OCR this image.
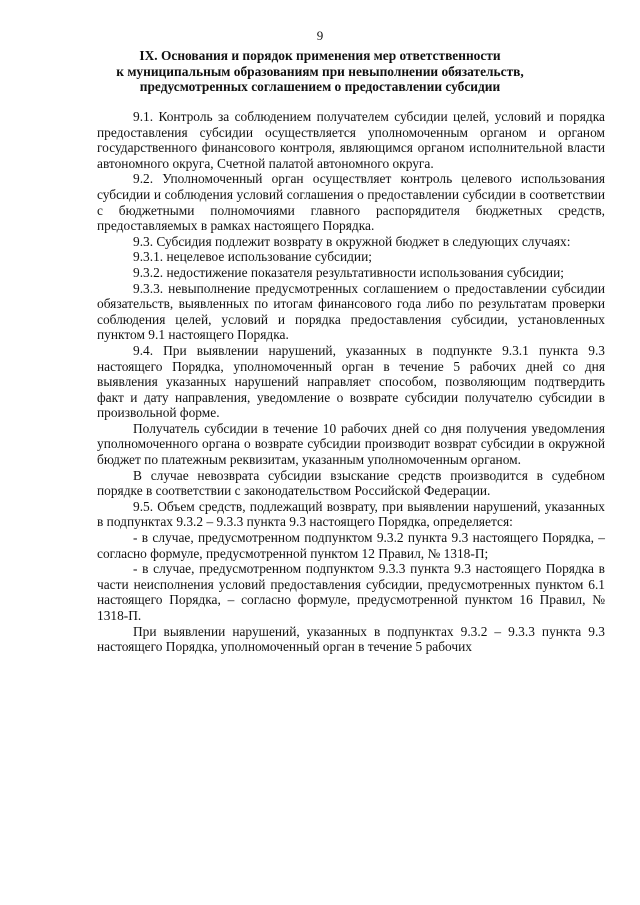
9
IX. Основания и порядок применения мер ответственности
к муниципальным образованиям при невыполнении обязательств,
предусмотренных соглашением о предоставлении субсидии

9.1. Контроль за соблюдением получателем субсидии целей, условий и порядка предоставления субсидии осуществляется уполномоченным органом и органом государственного финансового контроля, являющимся органом исполнительной власти автономного округа, Счетной палатой автономного округа.

9.2. Уполномоченный орган осуществляет контроль целевого использования субсидии и соблюдения условий соглашения о предоставлении субсидии в соответствии с бюджетными полномочиями главного распорядителя бюджетных средств, предоставляемых в рамках настоящего Порядка.

9.3. Субсидия подлежит возврату в окружной бюджет в следующих случаях:

9.3.1. нецелевое использование субсидии;

9.3.2. недостижение показателя результативности использования субсидии;

9.3.3. невыполнение предусмотренных соглашением о предоставлении субсидии обязательств, выявленных по итогам финансового года либо по результатам проверки соблюдения целей, условий и порядка предоставления субсидии, установленных пунктом 9.1 настоящего Порядка.

9.4. При выявлении нарушений, указанных в подпункте 9.3.1 пункта 9.3 настоящего Порядка, уполномоченный орган в течение 5 рабочих дней со дня выявления указанных нарушений направляет способом, позволяющим подтвердить факт и дату направления, уведомление о возврате субсидии получателю субсидии в произвольной форме.

Получатель субсидии в течение 10 рабочих дней со дня получения уведомления уполномоченного органа о возврате субсидии производит возврат субсидии в окружной бюджет по платежным реквизитам, указанным уполномоченным органом.

В случае невозврата субсидии взыскание средств производится в судебном порядке в соответствии с законодательством Российской Федерации.

9.5. Объем средств, подлежащий возврату, при выявлении нарушений, указанных в подпунктах 9.3.2 – 9.3.3 пункта 9.3 настоящего Порядка, определяется:

- в случае, предусмотренном подпунктом 9.3.2 пункта 9.3 настоящего Порядка, – согласно формуле, предусмотренной пунктом 12 Правил, № 1318-П;

- в случае, предусмотренном подпунктом 9.3.3 пункта 9.3 настоящего Порядка в части неисполнения условий предоставления субсидии, предусмотренных пунктом 6.1 настоящего Порядка, – согласно формуле, предусмотренной пунктом 16 Правил, № 1318-П.

При выявлении нарушений, указанных в подпунктах 9.3.2 – 9.3.3 пункта 9.3 настоящего Порядка, уполномоченный орган в течение 5 рабочих
